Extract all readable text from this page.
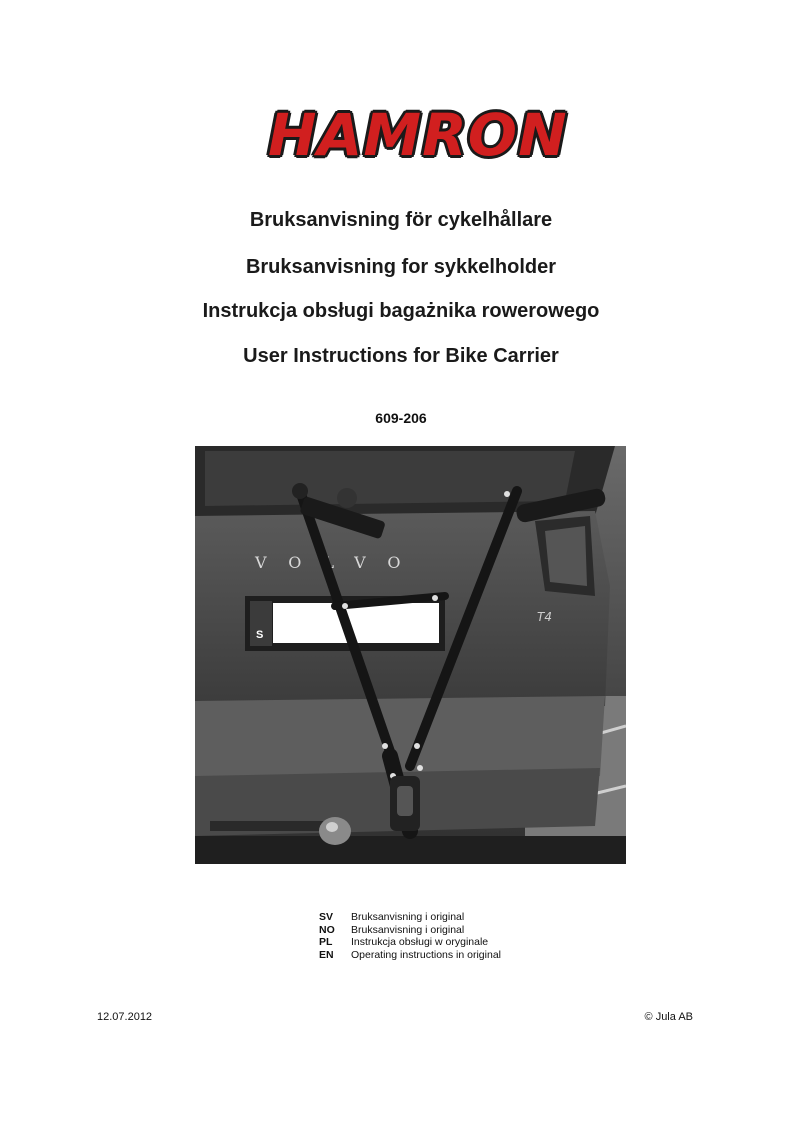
HAMRON
Bruksanvisning för cykelhållare
Bruksanvisning for sykkelholder
Instrukcja obsługi bagażnika rowerowego
User Instructions for Bike Carrier
609-206
VOLVO
T4
S
SV	Bruksanvisning i original
NO	Bruksanvisning i original
PL	Instrukcja obsługi w oryginale
EN	Operating instructions in original
12.07.2012	© Jula AB
